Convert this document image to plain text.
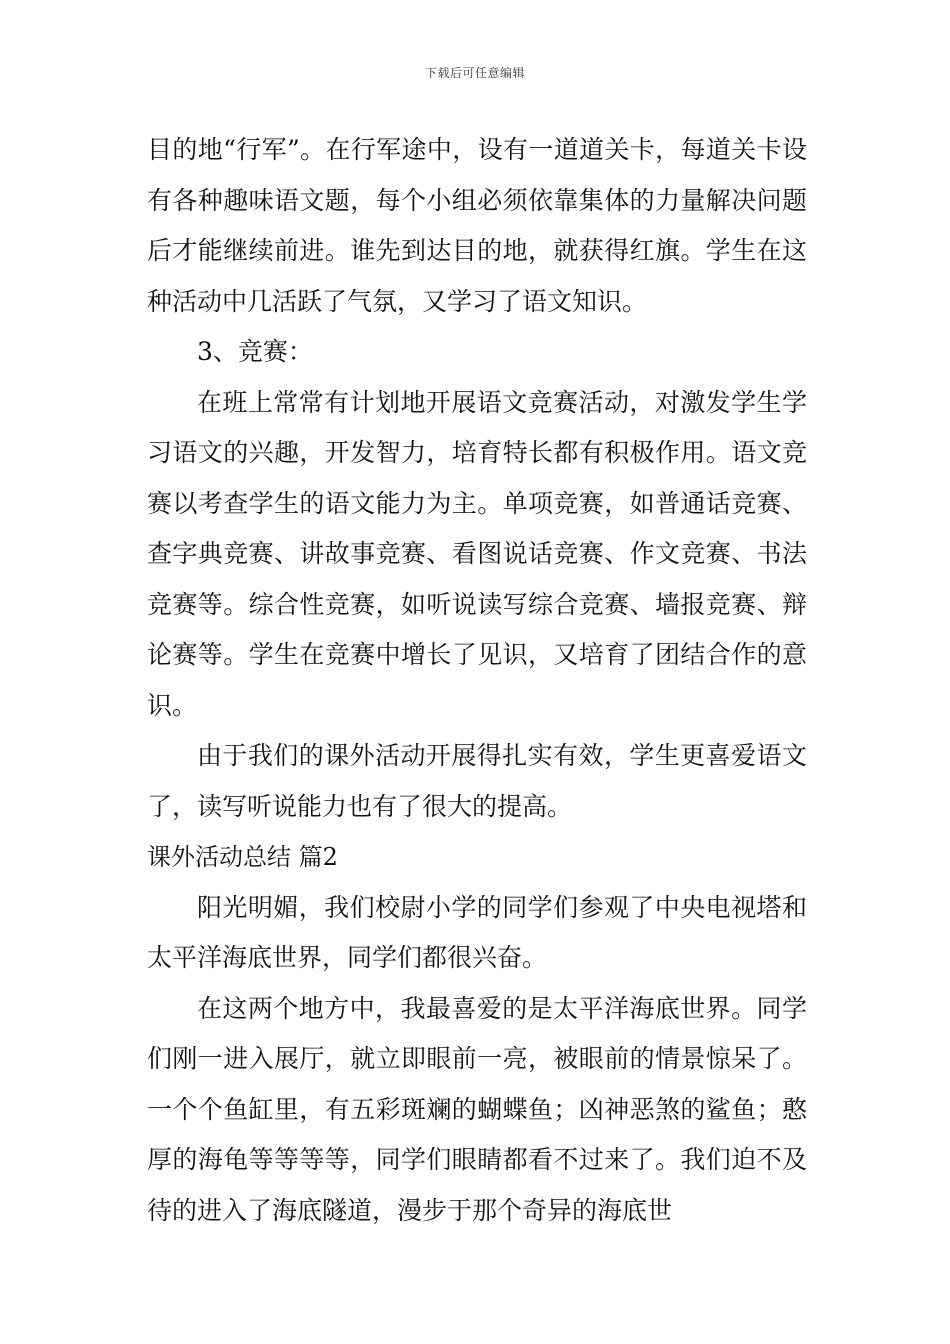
下载后可任意编辑

目的地“行军”。在行军途中，设有一道道关卡，每道关卡设有各种趣味语文题，每个小组必须依靠集体的力量解决问题后才能继续前进。谁先到达目的地，就获得红旗。学生在这种活动中几活跃了气氛，又学习了语文知识。

3、竞赛：

在班上常常有计划地开展语文竞赛活动，对激发学生学习语文的兴趣，开发智力，培育特长都有积极作用。语文竞赛以考查学生的语文能力为主。单项竞赛，如普通话竞赛、查字典竞赛、讲故事竞赛、看图说话竞赛、作文竞赛、书法竞赛等。综合性竞赛，如听说读写综合竞赛、墙报竞赛、辩论赛等。学生在竞赛中增长了见识，又培育了团结合作的意识。

由于我们的课外活动开展得扎实有效，学生更喜爱语文了，读写听说能力也有了很大的提高。

课外活动总结 篇2

阳光明媚，我们校尉小学的同学们参观了中央电视塔和太平洋海底世界，同学们都很兴奋。

在这两个地方中，我最喜爱的是太平洋海底世界。同学们刚一进入展厅，就立即眼前一亮，被眼前的情景惊呆了。一个个鱼缸里，有五彩斑斓的蝴蝶鱼；凶神恶煞的鲨鱼；憨厚的海龟等等等等，同学们眼睛都看不过来了。我们迫不及待的进入了海底隧道，漫步于那个奇异的海底世
